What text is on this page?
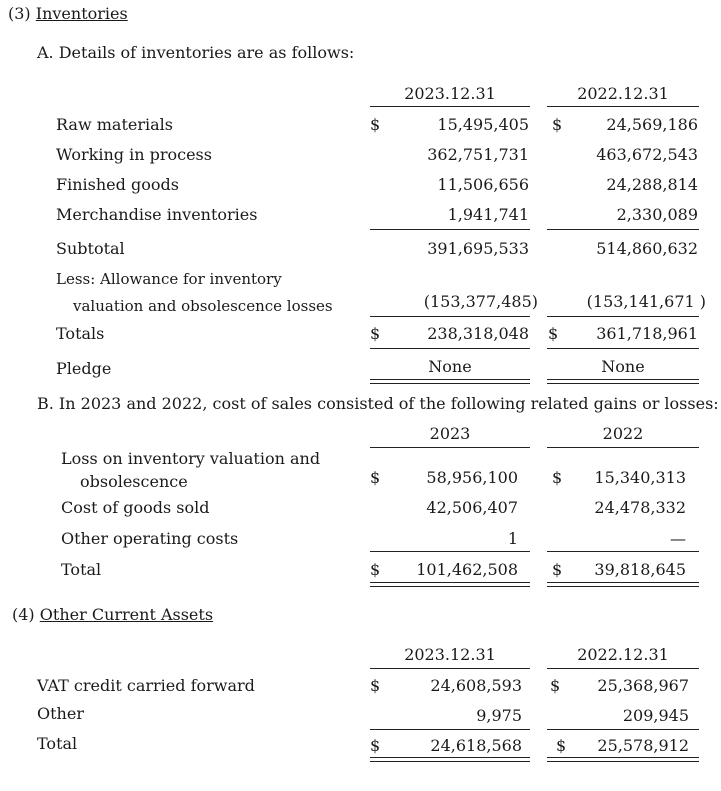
(3) Inventories
A. Details of inventories are as follows:
2023.12.31	2022.12.31
Raw materials	$	15,495,405 $	24,569,186
Working in process	362,751,731	463,672,543
Finished goods	11,506,656	24,288,814
Merchandise inventories	1,941,741	2,330,089
Subtotal	391,695,533	514,860,632
Less: Allowance for inventory
valuation and obsolescence losses	(153,377,485)	(153,141,671 )
Totals	$	238,318,048 $	361,718,961
Pledge	None	None
B. In 2023 and 2022, cost of sales consisted of the following related gains or losses:
2023	2022
Loss on inventory valuation and
obsolescence	$	58,956,100 $	15,340,313
Cost of goods sold	42,506,407	24,478,332
Other operating costs	1	—
Total	$	101,462,508 $	39,818,645
(4) Other Current Assets
2023.12.31	2022.12.31
VAT credit carried forward	$	24,608,593 $	25,368,967
Other	9,975	209,945
Total	$	24,618,568 $	25,578,912
